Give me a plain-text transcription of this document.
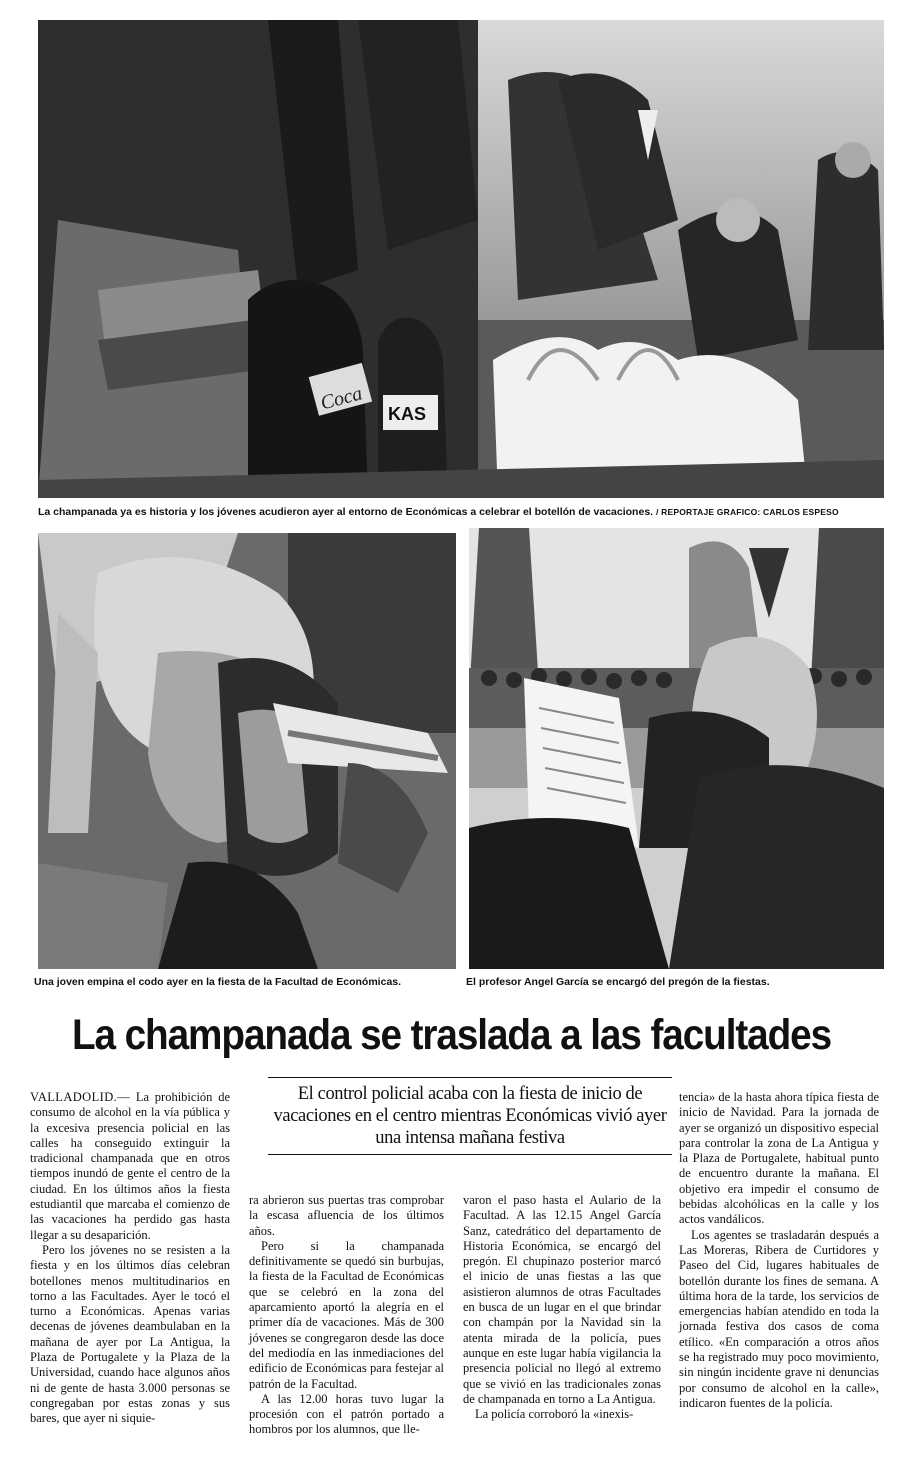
Coca KAS
La champanada ya es historia y los jóvenes acudieron ayer al entorno de Económicas a celebrar el botellón de vacaciones. / REPORTAJE GRAFICO: CARLOS ESPESO
Una joven empina el codo ayer en la fiesta de la Facultad de Económicas.	El profesor Angel García se encargó del pregón de la fiestas.
La champanada se traslada a las facultades
El control policial acaba con la fiesta de inicio de vacaciones en el centro mientras Económicas vivió ayer una intensa mañana festiva

VALLADOLID.— La prohibición de consumo de alcohol en la vía pública y la excesiva presencia policial en las calles ha conseguido extinguir la tradicional champanada que en otros tiempos inundó de gente el centro de la ciudad. En los últimos años la fiesta estudiantil que marcaba el comienzo de las vacaciones ha perdido gas hasta llegar a su desaparición.

Pero los jóvenes no se resisten a la fiesta y en los últimos días celebran botellones menos multitudinarios en torno a las Facultades. Ayer le tocó el turno a Económicas. Apenas varias decenas de jóvenes deambulaban en la mañana de ayer por La Antigua, la Plaza de Portugalete y la Plaza de la Universidad, cuando hace algunos años ni de gente de hasta 3.000 personas se congregaban por estas zonas y sus bares, que ayer ni siquie-

ra abrieron sus puertas tras comprobar la escasa afluencia de los últimos años.

Pero si la champanada definitivamente se quedó sin burbujas, la fiesta de la Facultad de Económicas que se celebró en la zona del aparcamiento aportó la alegría en el primer día de vacaciones. Más de 300 jóvenes se congregaron desde las doce del mediodía en las inmediaciones del edificio de Económicas para festejar al patrón de la Facultad.

A las 12.00 horas tuvo lugar la procesión con el patrón portado a hombros por los alumnos, que lle-

varon el paso hasta el Aulario de la Facultad. A las 12.15 Angel García Sanz, catedrático del departamento de Historia Económica, se encargó del pregón. El chupinazo posterior marcó el inicio de unas fiestas a las que asistieron alumnos de otras Facultades en busca de un lugar en el que brindar con champán por la Navidad sin la atenta mirada de la policía, pues aunque en este lugar había vigilancia la presencia policial no llegó al extremo que se vivió en las tradicionales zonas de champanada en torno a La Antigua.

La policía corroboró la «inexis-

tencia» de la hasta ahora típica fiesta de inicio de Navidad. Para la jornada de ayer se organizó un dispositivo especial para controlar la zona de La Antigua y la Plaza de Portugalete, habitual punto de encuentro durante la mañana. El objetivo era impedir el consumo de bebidas alcohólicas en la calle y los actos vandálicos.

Los agentes se trasladarán después a Las Moreras, Ribera de Curtidores y Paseo del Cid, lugares habituales de botellón durante los fines de semana. A última hora de la tarde, los servicios de emergencias habían atendido en toda la jornada festiva dos casos de coma etílico. «En comparación a otros años se ha registrado muy poco movimiento, sin ningún incidente grave ni denuncias por consumo de alcohol en la calle», indicaron fuentes de la policía.
